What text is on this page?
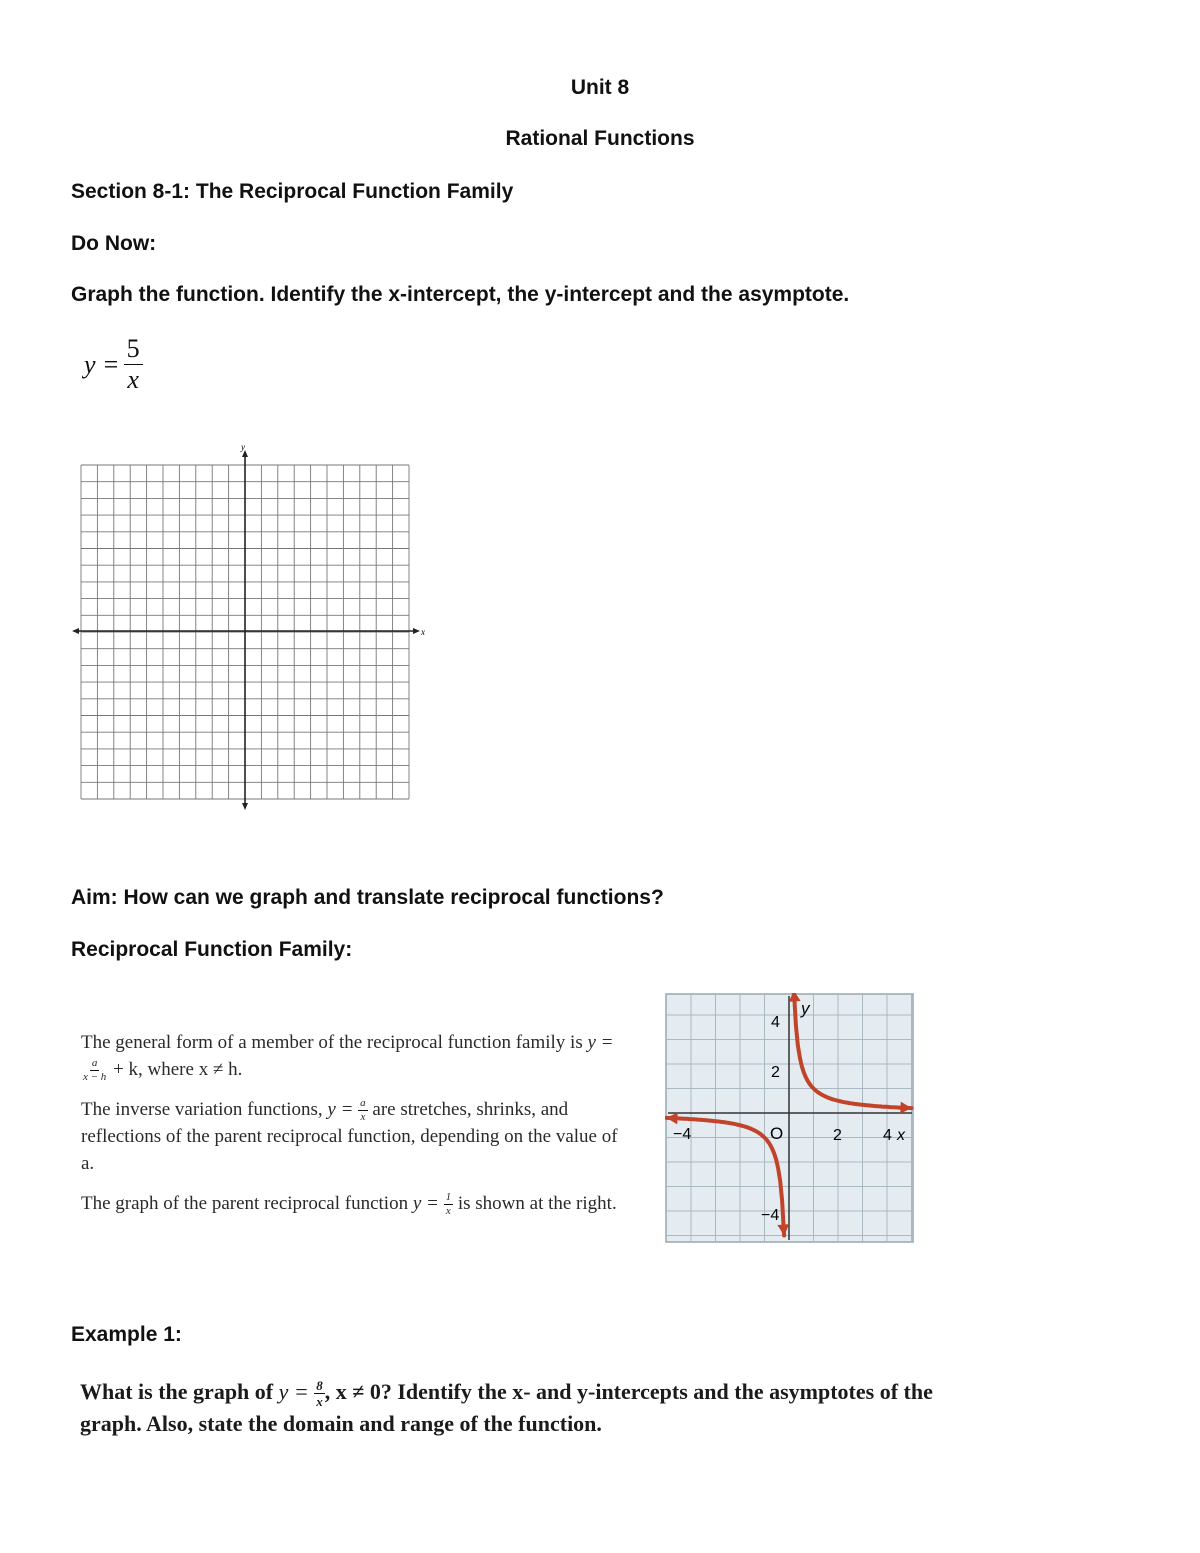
Unit 8
Rational Functions
Section 8-1: The Reciprocal Function Family
Do Now:
Graph the function. Identify the x-intercept, the y-intercept and the asymptote.
$y = \frac{5}{x}$
x
y
Aim: How can we graph and translate reciprocal functions?
Reciprocal Function Family:
The general form of a member of the reciprocal function family is y =
$\frac{a}{x - h} + k$, where x ≠ h.
The inverse variation functions, $y = \frac{a}{x}$ are stretches, shrinks, and reflections of the parent reciprocal function, depending on the value of a.
The graph of the parent reciprocal function $y = \frac{1}{x}$ is shown at the right.
y
4
2
−4
−4	O	2	4 x
Example 1:
What is the graph of $y = \frac{8}{x}$ , x ≠ 0? Identify the x- and y-intercepts and the asymptotes of the graph. Also, state the domain and range of the function.
